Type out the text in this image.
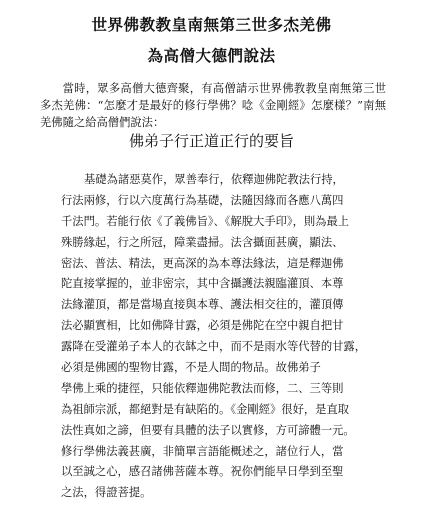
世界佛教教皇南無第三世多杰羌佛
為高僧大德們說法
當時，眾多高僧大德齊聚，有高僧請示世界佛教教皇南無第三世多杰羌佛：“怎麼才是最好的修行學佛？唸《金剛經》怎麼樣？”南無羌佛隨之給高僧們說法：
佛弟子行正道正行的要旨
基礎為諸惡莫作，眾善奉行，依釋迦佛陀教法行持，
行法兩修，行以六度萬行為基礎，法隨因緣而各應八萬四
千法門。若能行依《了義佛旨》、《解脫大手印》，則為最上
殊勝緣起，行之所冠，障業盡掃。法含攝面甚廣，顯法、
密法、普法、精法，更高深的為本尊法緣法，這是釋迦佛
陀直接掌握的，並非密宗，其中含攝護法親臨灌頂、本尊
法緣灌頂，都是當場直接與本尊、護法相交往的，灌頂傳
法必顯實相，比如佛降甘露，必須是佛陀在空中親自把甘
露降在受灌弟子本人的衣缽之中，而不是雨水等代替的甘露，
必須是佛國的聖物甘露，不是人間的物品。故佛弟子
學佛上乘的捷徑，只能依釋迦佛陀教法而修，二、三等則
為祖師宗派，都絕對是有缺陷的。《金剛經》很好，是直取
法性真如之諦，但要有具體的法子以實修，方可諦體一元。
修行學佛法義甚廣，非簡單言語能概述之，諸位行人，當
以至誠之心，感召諸佛菩薩本尊。祝你們能早日學到至聖
之法，得證菩提。
